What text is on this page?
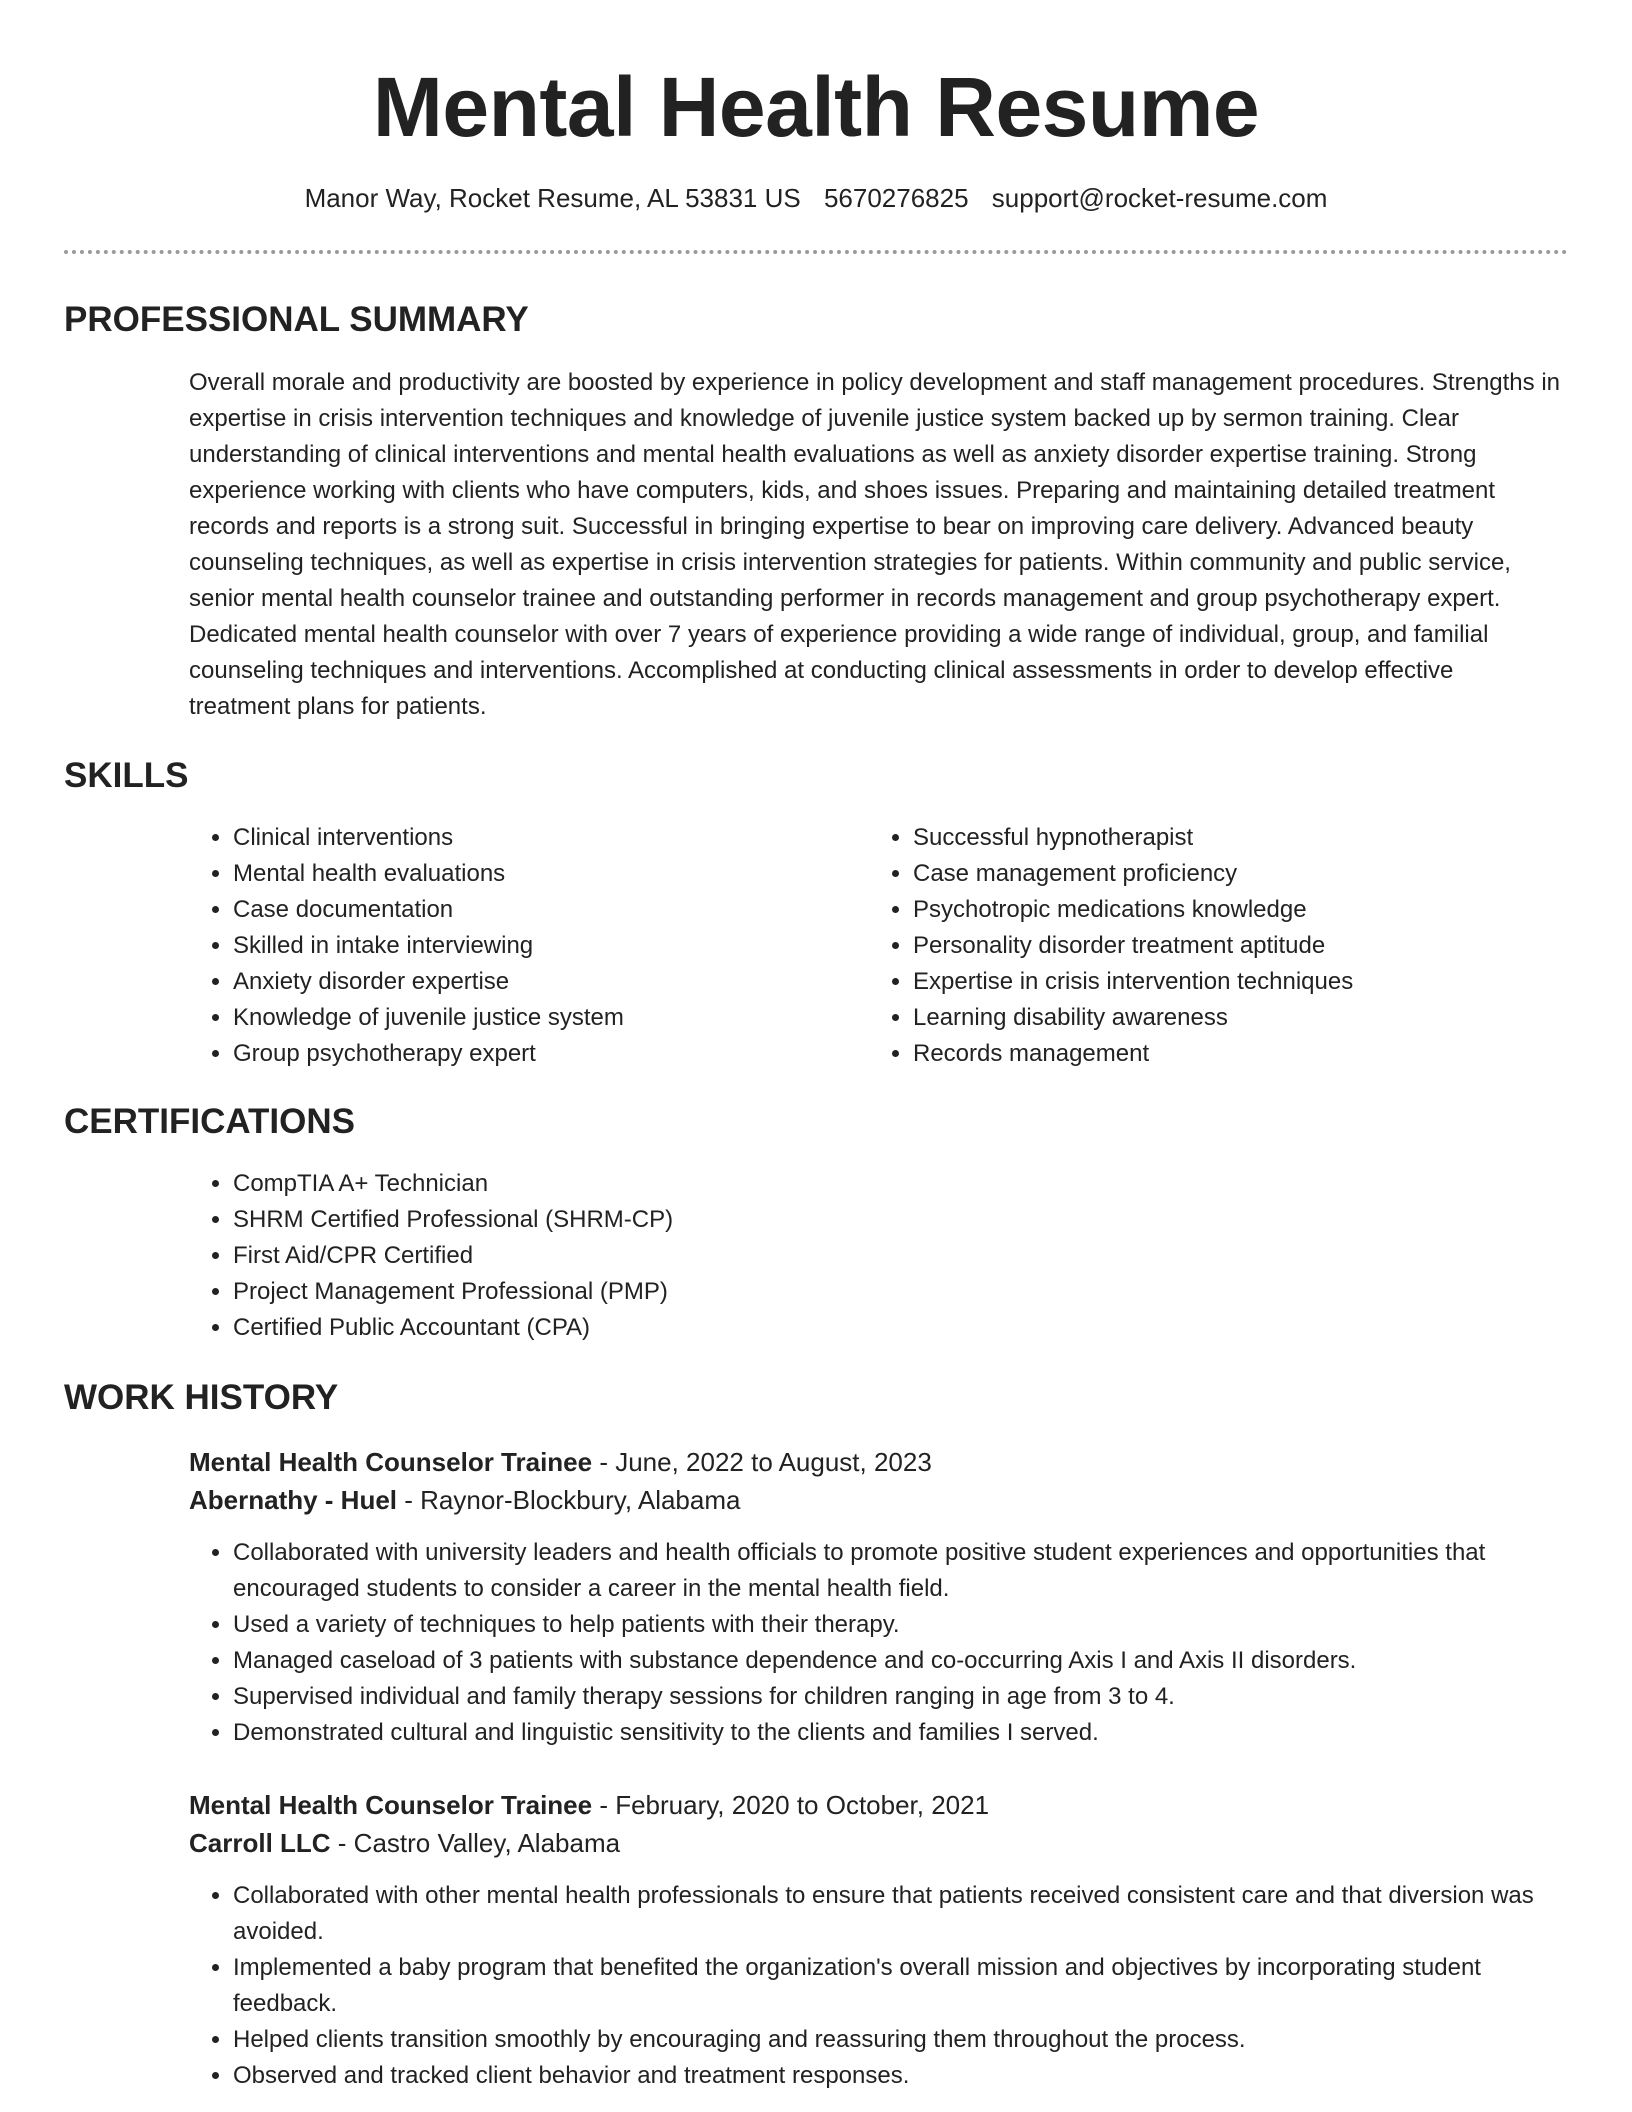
Mental Health Resume
Manor Way, Rocket Resume, AL 53831 US 5670276825 support@rocket-resume.com
PROFESSIONAL SUMMARY

Overall morale and productivity are boosted by experience in policy development and staff management procedures. Strengths in expertise in crisis intervention techniques and knowledge of juvenile justice system backed up by sermon training. Clear understanding of clinical interventions and mental health evaluations as well as anxiety disorder expertise training. Strong experience working with clients who have computers, kids, and shoes issues. Preparing and maintaining detailed treatment records and reports is a strong suit. Successful in bringing expertise to bear on improving care delivery. Advanced beauty counseling techniques, as well as expertise in crisis intervention strategies for patients. Within community and public service, senior mental health counselor trainee and outstanding performer in records management and group psychotherapy expert. Dedicated mental health counselor with over 7 years of experience providing a wide range of individual, group, and familial counseling techniques and interventions. Accomplished at conducting clinical assessments in order to develop effective treatment plans for patients.

SKILLS
• Clinical interventions
• Mental health evaluations
• Case documentation
• Skilled in intake interviewing
• Anxiety disorder expertise
• Knowledge of juvenile justice system
• Group psychotherapy expert
• Successful hypnotherapist
• Case management proficiency
• Psychotropic medications knowledge
• Personality disorder treatment aptitude
• Expertise in crisis intervention techniques
• Learning disability awareness
• Records management
CERTIFICATIONS
• CompTIA A+ Technician
• SHRM Certified Professional (SHRM-CP)
• First Aid/CPR Certified
• Project Management Professional (PMP)
• Certified Public Accountant (CPA)
WORK HISTORY
Mental Health Counselor Trainee - June, 2022 to August, 2023
Abernathy - Huel - Raynor-Blockbury, Alabama
• Collaborated with university leaders and health officials to promote positive student experiences and opportunities that encouraged students to consider a career in the mental health field.
• Used a variety of techniques to help patients with their therapy.
• Managed caseload of 3 patients with substance dependence and co-occurring Axis I and Axis II disorders.
• Supervised individual and family therapy sessions for children ranging in age from 3 to 4.
• Demonstrated cultural and linguistic sensitivity to the clients and families I served.
Mental Health Counselor Trainee - February, 2020 to October, 2021
Carroll LLC - Castro Valley, Alabama
• Collaborated with other mental health professionals to ensure that patients received consistent care and that diversion was avoided.
• Implemented a baby program that benefited the organization's overall mission and objectives by incorporating student feedback.
• Helped clients transition smoothly by encouraging and reassuring them throughout the process.
• Observed and tracked client behavior and treatment responses.
